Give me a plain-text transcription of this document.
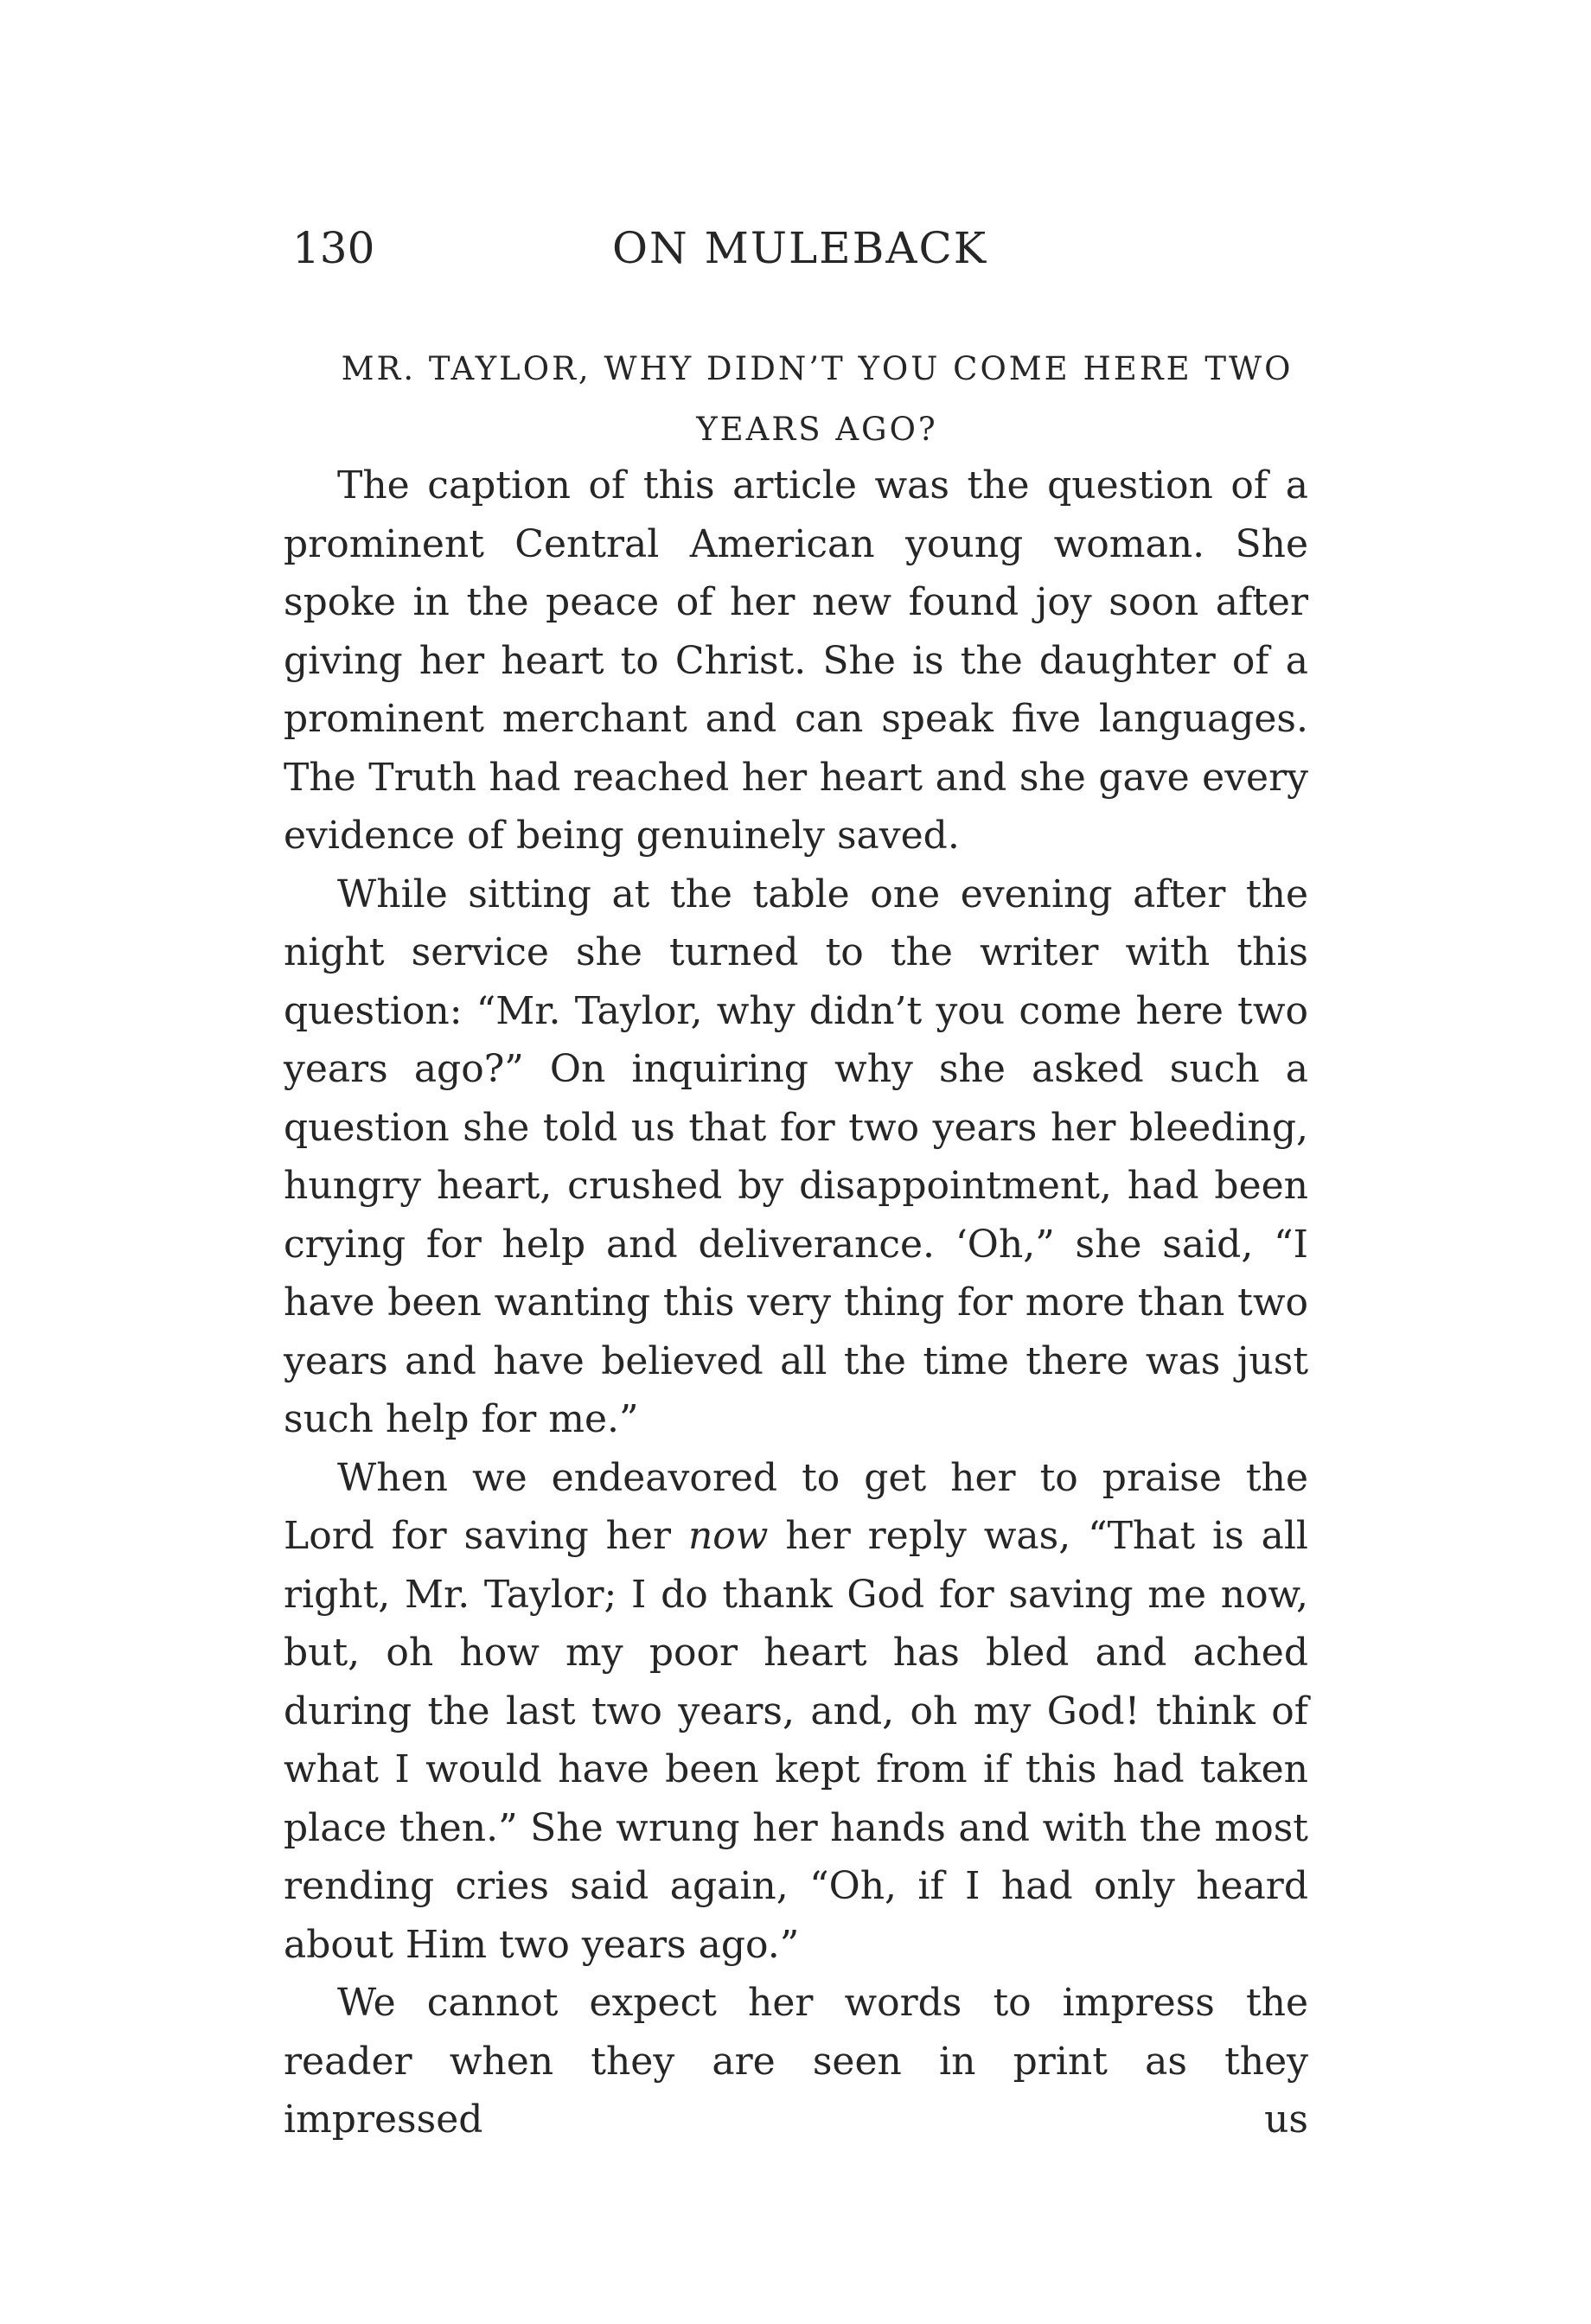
130	ON MULEBACK
MR. TAYLOR, WHY DIDN’T YOU COME HERE TWO
YEARS AGO?

The caption of this article was the question of a prominent Central American young woman. She spoke in the peace of her new found joy soon after giving her heart to Christ. She is the daughter of a prominent merchant and can speak five languages. The Truth had reached her heart and she gave every evidence of being genuinely saved.

While sitting at the table one evening after the night service she turned to the writer with this question: “Mr. Taylor, why didn’t you come here two years ago?” On inquiring why she asked such a question she told us that for two years her bleeding, hungry heart, crushed by disappointment, had been crying for help and deliverance. ‘Oh,” she said, “I have been wanting this very thing for more than two years and have believed all the time there was just such help for me.”

When we endeavored to get her to praise the Lord for saving her now her reply was, “That is all right, Mr. Taylor; I do thank God for saving me now, but, oh how my poor heart has bled and ached during the last two years, and, oh my God! think of what I would have been kept from if this had taken place then.” She wrung her hands and with the most rending cries said again, “Oh, if I had only heard about Him two years ago.”

We cannot expect her words to impress the reader when they are seen in print as they impressed us
